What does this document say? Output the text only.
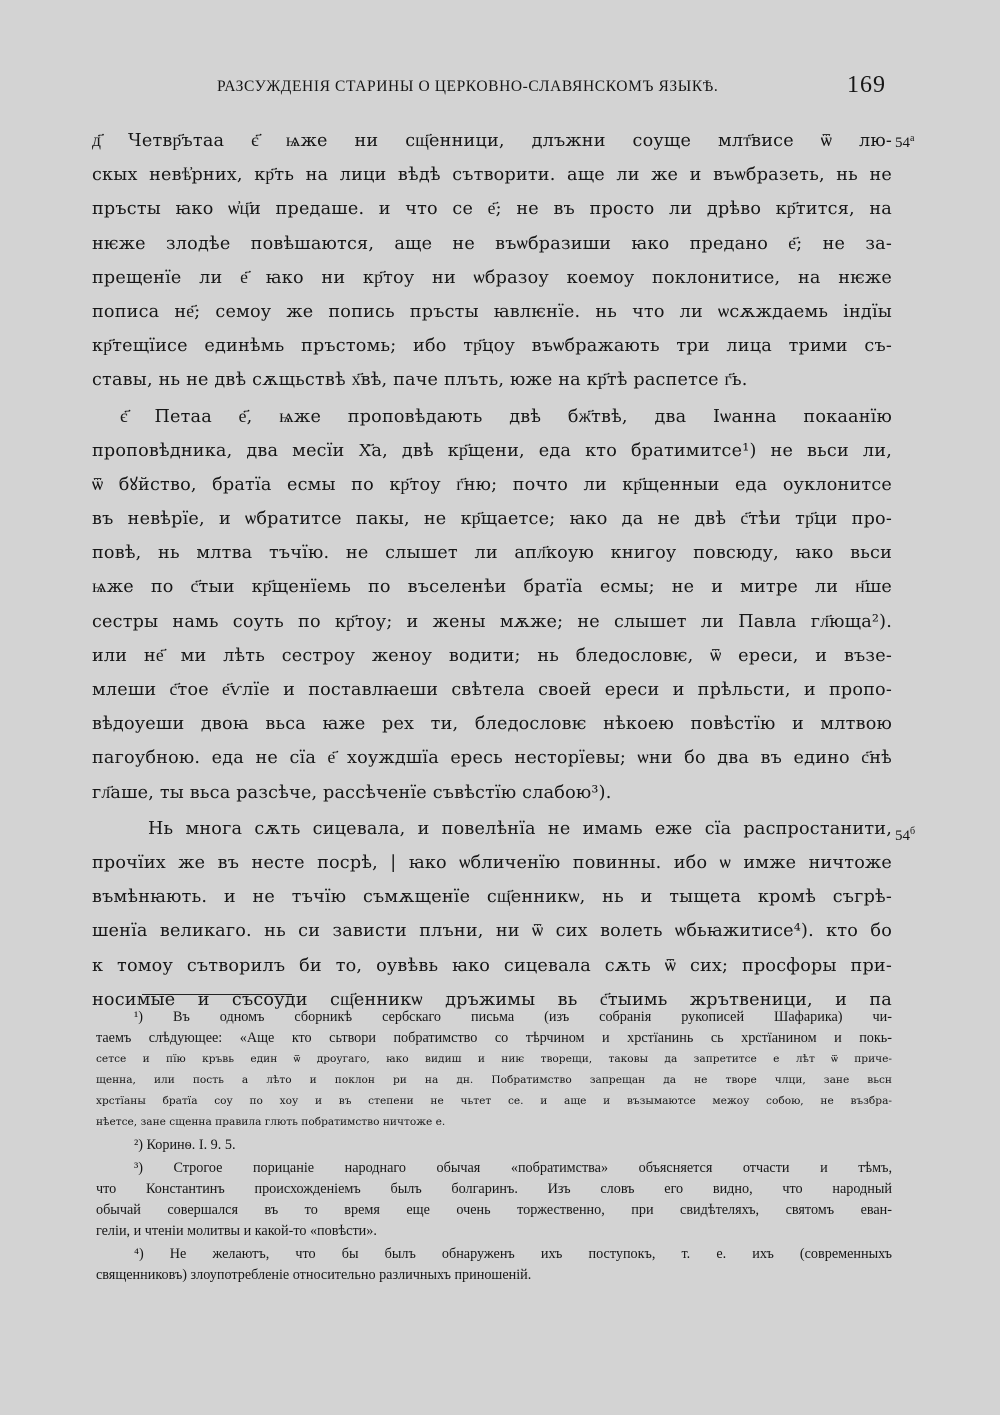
РАЗСУЖДЕНІЯ СТАРИНЫ О ЦЕРКОВНО-СЛАВЯНСКОМЪ ЯЗЫКѢ.	169
54$^a$
$54^б$
д҃ Четвр҃ътаа є҃ ѩже ни сщ҃енници, длъжни соуще млт҃висе ѿ лю-
скых невѣ҆рних, кр҃ть на лици вѣдѣ сътворити. аще ли же и въѡбразеть, нь не
пръсты ꙗко ѡ҆ц҃и предаше. и что се е҃; не въ просто ли дрѣво кр҃тится, на
нѥже злодѣе повѣшаются, аще не въѡбразиши ꙗко предано е҃; не за-
прещенїе ли е҃ ꙗко ни кр҃тоу ни ѡбразоу коемоу поклонитисе, на нѥже
пописа не҃; семоу же попись пръсты ꙗвлѥнїе. нь что ли ѡсѫждаемь індїы
кр҃тещїисе единѣмь пръстомь; ибо тр҃цоу въѡбражають три лица трими съ-
ставы, нь не двѣ сѫщьствѣ х҃вѣ, паче плъть, юже на кр҃тѣ распетсе г҃ь.
є҃ Петаа е҃, ѩже проповѣдають двѣ бж҃твѣ, два Іѡанна покаанїю
проповѣдника, два месїи Х҃а, двѣ кр҃щени, еда кто братимитсе¹) не вьси ли,
ѿ бꙋйство, братїа есмы по кр҃тоу г҃ню; почто ли кр҃щенныи еда оуклонитсе
въ невѣрїе, и ѡбратитсе пакы, не кр҃щаетсе; ꙗко да не двѣ с҃тѣи тр҃ци про-
повѣ, нь млтва тъчїю. не слышет ли апл҃коую книгоу повсюду, ꙗко вьси
ѩже по с҃тыи кр҃щенїемь по въселенѣи братїа есмы; не и митре ли н҃ше
сестры намь соуть по кр҃тоу; и жены мѫже; не слышет ли Павла гл҃юща²).
или не҃ ми лѣть сестроу женоу водити; нь бледословѥ, ѿ ереси, и възе-
млеши с҃тое е҃ѵлїе и поставлꙗеши свѣтела своей ереси и прѣльсти, и пропо-
вѣдоуеши двоꙗ вьса ꙗже рех ти, бледословѥ нѣкоею повѣстїю и млтвою
пагоубною. еда не сїа е҃ хоуждшїа ересь несторїевы; ѡни бо два въ едино с҃нѣ
гл҃аше, ты вьса разсѣче, рассѣченїе съвѣстїю слабою³).
Нь многа сѫть сицевала, и повелѣнїа не имамь еже сїа распростанити,
прочїих же въ несте посрѣ, | ꙗко ѡбличенїю повинны. ибо ѡ имже ничтоже
въмѣнꙗють. и не тъчїю съмѫщенїе сщ҃енникѡ, нь и тыщета кромѣ съгрѣ-
шенїа великаго. нь си зависти плъни, ни ѿ сих волеть ѡбьꙗжитисе⁴). кто бо
к томоу сътворилъ би то, оувѣвь ꙗко сицевала сѫть ѿ сих; просфоры при-
носимые и съсоуди сщ҃енникѡ дръжимы вь с҃тыимь жрътвеници, и па
¹) Въ одномъ сборникѣ сербскаго письма (изъ собранія рукописей Шафарика) чи-
таемъ слѣдующее: «Аще кто сьтвори побратимство со тѣрчином и хрстїанинь сь хрстїанином и покь-
сетсе и пїю кръвь един ѿ дроугаго, ꙗко видиш и ниѥ творещи, таковы да запретитсе е лѣт ѿ причe-
щенна, или пость а лѣто и поклон ри на дн. Побратимство запрещан да не творе члци, зане вьсн
хрстїаны братїа соу по хоу и въ степени не чьтет се. и аще и възымаютсе межоу собою, не възбра-
нѣетсе, зане сщенна правила глють побратимство ничтоже е.
²) Коринѳ. I. 9. 5.
³) Строгое порицаніе народнаго обычая «побратимства» объясняется отчасти и тѣмъ,
что Константинъ происхожденіемъ былъ болгаринъ. Изъ словъ его видно, что народный
обычай совершался въ то время еще очень торжественно, при свидѣтеляхъ, святомъ еван-
геліи, и чтеніи молитвы и какой-то «повѣсти».
⁴) Не желаютъ, что бы былъ обнаруженъ ихъ поступокъ, т. е. ихъ (современныхъ
священниковъ) злоупотребленіе относительно различныхъ приношеній.
